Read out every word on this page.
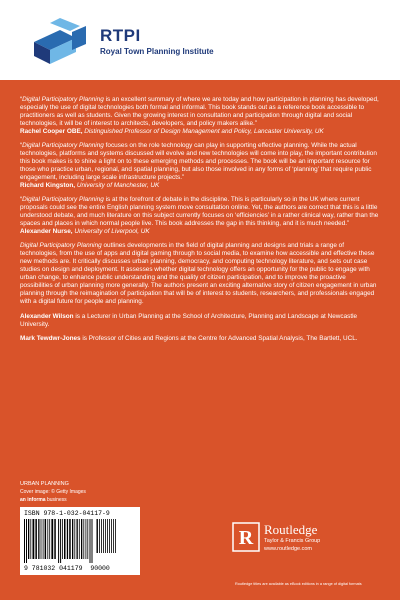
RTPI
Royal Town Planning Institute

“Digital Participatory Planning is an excellent summary of where we are today and how participation in planning has developed, especially the use of digital technologies both formal and informal. This book stands out as a reference book accessible to practitioners as well as students. Given the growing interest in consultation and participation through digital and social technologies, it will be of interest to architects, developers, and policy makers alike.”

Rachel Cooper OBE, Distinguished Professor of Design Management and Policy, Lancaster University, UK

“Digital Participatory Planning focuses on the role technology can play in supporting effective planning. While the actual technologies, platforms and systems discussed will evolve and new technologies will come into play, the important contribution this book makes is to shine a light on to these emerging methods and processes. The book will be an important resource for those who practice urban, regional, and spatial planning, but also those involved in any forms of ‘planning’ that require public engagement, including large scale infrastructure projects.”

Richard Kingston, University of Manchester, UK

“Digital Participatory Planning is at the forefront of debate in the discipline. This is particularly so in the UK where current proposals could see the entire English planning system move consultation online. Yet, the authors are correct that this is a little understood debate, and much literature on this subject currently focuses on ‘efficiencies’ in a rather clinical way, rather than the spaces and places in which normal people live. This book addresses the gap in this thinking, and it is much needed.”

Alexander Nurse, University of Liverpool, UK

Digital Participatory Planning outlines developments in the field of digital planning and designs and trials a range of technologies, from the use of apps and digital gaming through to social media, to examine how accessible and effective these new methods are. It critically discusses urban planning, democracy, and computing technology literature, and sets out case studies on design and deployment. It assesses whether digital technology offers an opportunity for the public to engage with urban change, to enhance public understanding and the quality of citizen participation, and to improve the proactive possibilities of urban planning more generally. The authors present an exciting alternative story of citizen engagement in urban planning through the reimagination of participation that will be of interest to students, researchers, and professionals engaged with a digital future for people and planning.

Alexander Wilson is a Lecturer in Urban Planning at the School of Architecture, Planning and Landscape at Newcastle University.

Mark Tewdwr-Jones is Professor of Cities and Regions at the Centre for Advanced Spatial Analysis, The Bartlett, UCL.

URBAN PLANNING
Cover image: © Getty Images
an informa business
ISBN 978-1-032-04117-9
9 781032 041179 90000
R Routledge
Taylor & Francis Group
www.routledge.com
Routledge titles are available as eBook editions in a range of digital formats
